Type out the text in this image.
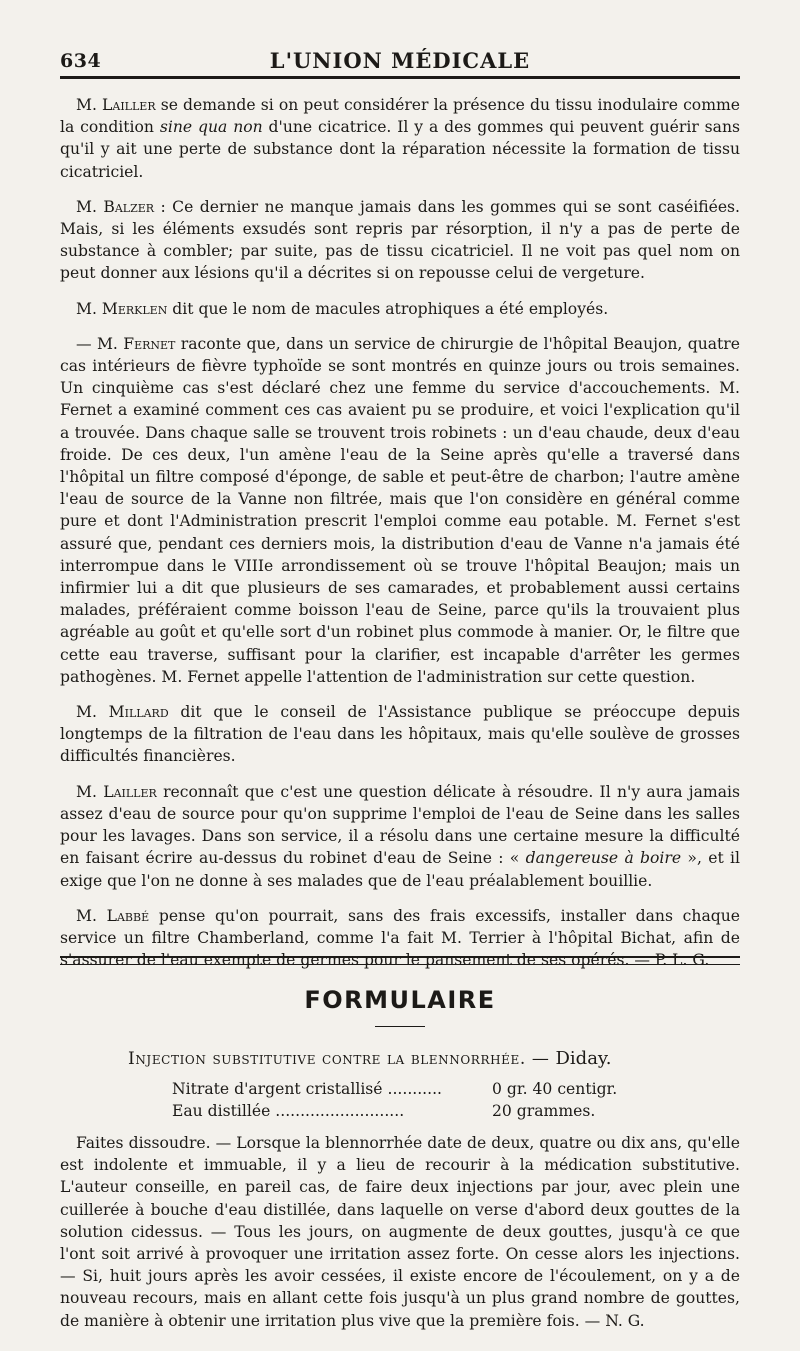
634	L'UNION MÉDICALE

M. Lailler se demande si on peut considérer la présence du tissu inodulaire comme la condition sine qua non d'une cicatrice. Il y a des gommes qui peuvent guérir sans qu'il y ait une perte de substance dont la réparation nécessite la formation de tissu cicatriciel.

M. Balzer : Ce dernier ne manque jamais dans les gommes qui se sont caséifiées. Mais, si les éléments exsudés sont repris par résorption, il n'y a pas de perte de substance à combler; par suite, pas de tissu cicatriciel. Il ne voit pas quel nom on peut donner aux lésions qu'il a décrites si on repousse celui de vergeture.

M. Merklen dit que le nom de macules atrophiques a été employés.

— M. Fernet raconte que, dans un service de chirurgie de l'hôpital Beaujon, quatre cas intérieurs de fièvre typhoïde se sont montrés en quinze jours ou trois semaines. Un cinquième cas s'est déclaré chez une femme du service d'accouchements. M. Fernet a examiné comment ces cas avaient pu se produire, et voici l'explication qu'il a trouvée. Dans chaque salle se trouvent trois robinets : un d'eau chaude, deux d'eau froide. De ces deux, l'un amène l'eau de la Seine après qu'elle a traversé dans l'hôpital un filtre composé d'éponge, de sable et peut-être de charbon; l'autre amène l'eau de source de la Vanne non filtrée, mais que l'on considère en général comme pure et dont l'Administration prescrit l'emploi comme eau potable. M. Fernet s'est assuré que, pendant ces derniers mois, la distribution d'eau de Vanne n'a jamais été interrompue dans le VIIIe arrondissement où se trouve l'hôpital Beaujon; mais un infirmier lui a dit que plusieurs de ses camarades, et probablement aussi certains malades, préféraient comme boisson l'eau de Seine, parce qu'ils la trouvaient plus agréable au goût et qu'elle sort d'un robinet plus commode à manier. Or, le filtre que cette eau traverse, suffisant pour la clarifier, est incapable d'arrêter les germes pathogènes. M. Fernet appelle l'attention de l'administration sur cette question.

M. Millard dit que le conseil de l'Assistance publique se préoccupe depuis longtemps de la filtration de l'eau dans les hôpitaux, mais qu'elle soulève de grosses difficultés financières.

M. Lailler reconnaît que c'est une question délicate à résoudre. Il n'y aura jamais assez d'eau de source pour qu'on supprime l'emploi de l'eau de Seine dans les salles pour les lavages. Dans son service, il a résolu dans une certaine mesure la difficulté en faisant écrire au-dessus du robinet d'eau de Seine : « dangereuse à boire », et il exige que l'on ne donne à ses malades que de l'eau préalablement bouillie.

M. Labbé pense qu'on pourrait, sans des frais excessifs, installer dans chaque service un filtre Chamberland, comme l'a fait M. Terrier à l'hôpital Bichat, afin de s'assurer de l'eau exempte de germes pour le pansement de ses opérés. — P. L. G.

FORMULAIRE
Injection substitutive contre la blennorrhée. — Diday.
Nitrate d'argent cristallisé ...........	0 gr. 40 centigr.
Eau distillée ..........................	20 grammes.

Faites dissoudre. — Lorsque la blennorrhée date de deux, quatre ou dix ans, qu'elle est indolente et immuable, il y a lieu de recourir à la médication substitutive. L'auteur conseille, en pareil cas, de faire deux injections par jour, avec plein une cuillerée à bouche d'eau distillée, dans laquelle on verse d'abord deux gouttes de la solution cidessus. — Tous les jours, on augmente de deux gouttes, jusqu'à ce que l'ont soit arrivé à provoquer une irritation assez forte. On cesse alors les injections. — Si, huit jours après les avoir cessées, il existe encore de l'écoulement, on y a de nouveau recours, mais en allant cette fois jusqu'à un plus grand nombre de gouttes, de manière à obtenir une irritation plus vive que la première fois. — N. G.
